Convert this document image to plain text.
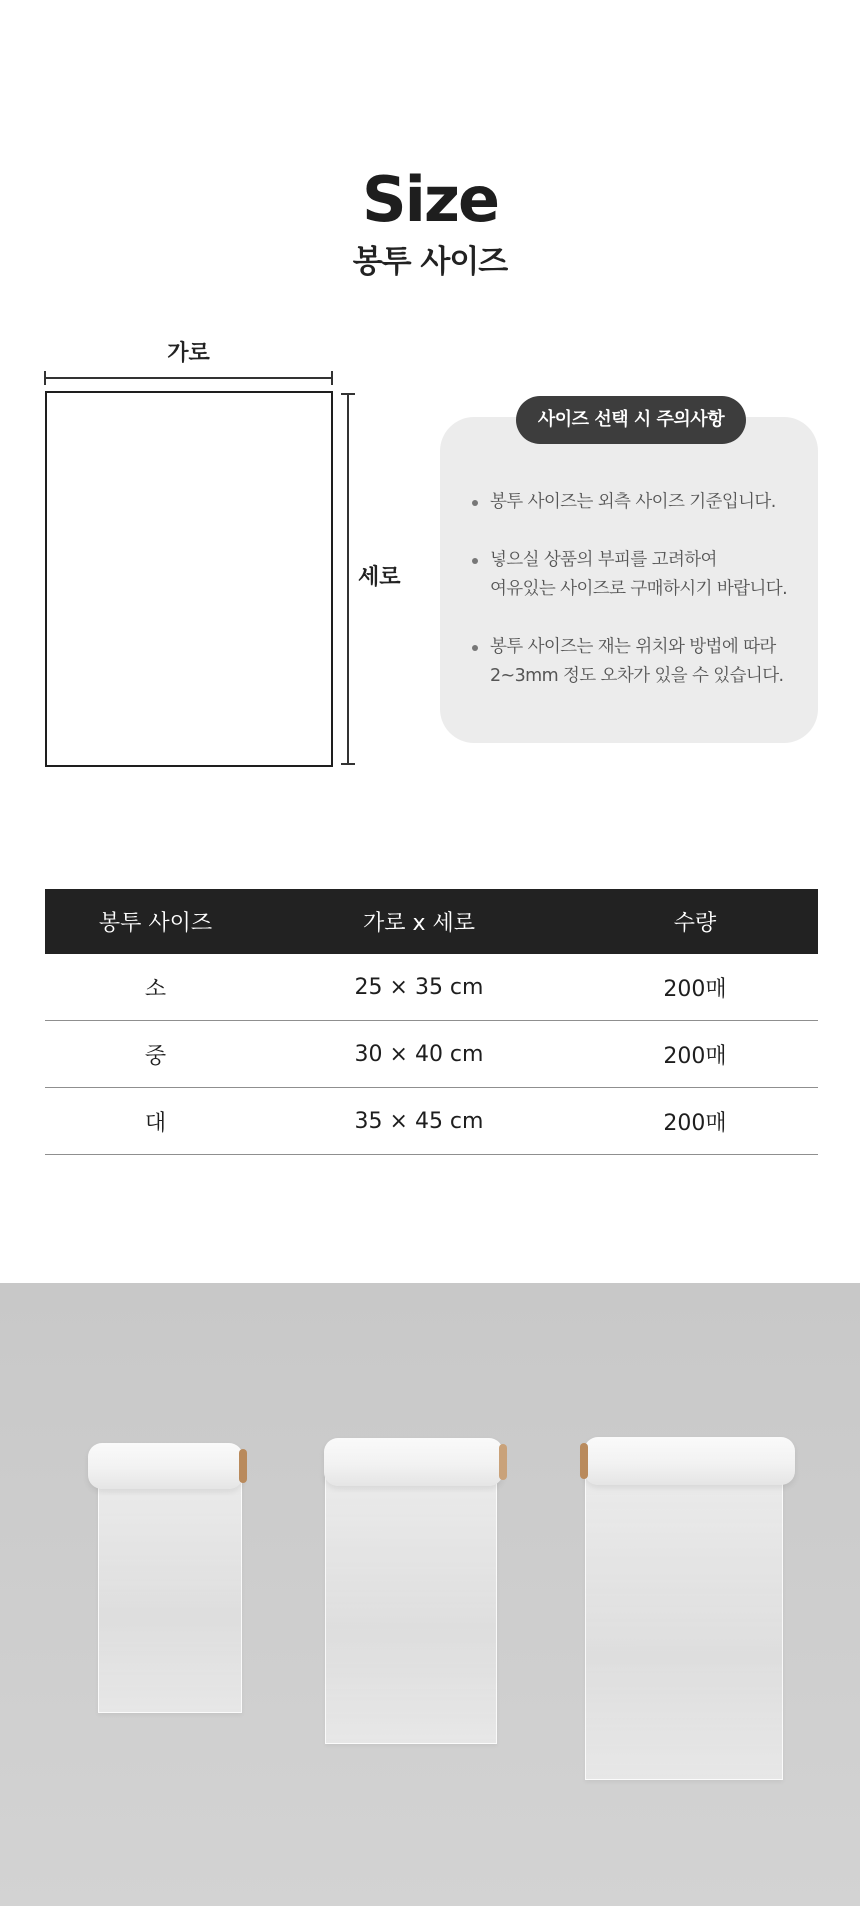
Size
봉투 사이즈
가로
세로
사이즈 선택 시 주의사항
봉투 사이즈는 외측 사이즈 기준입니다.
넣으실 상품의 부피를 고려하여
여유있는 사이즈로 구매하시기 바랍니다.
봉투 사이즈는 재는 위치와 방법에 따라
2~3mm 정도 오차가 있을 수 있습니다.
봉투 사이즈	가로 x 세로	수량
소	25 × 35 cm	200매
중	30 × 40 cm	200매
대	35 × 45 cm	200매
